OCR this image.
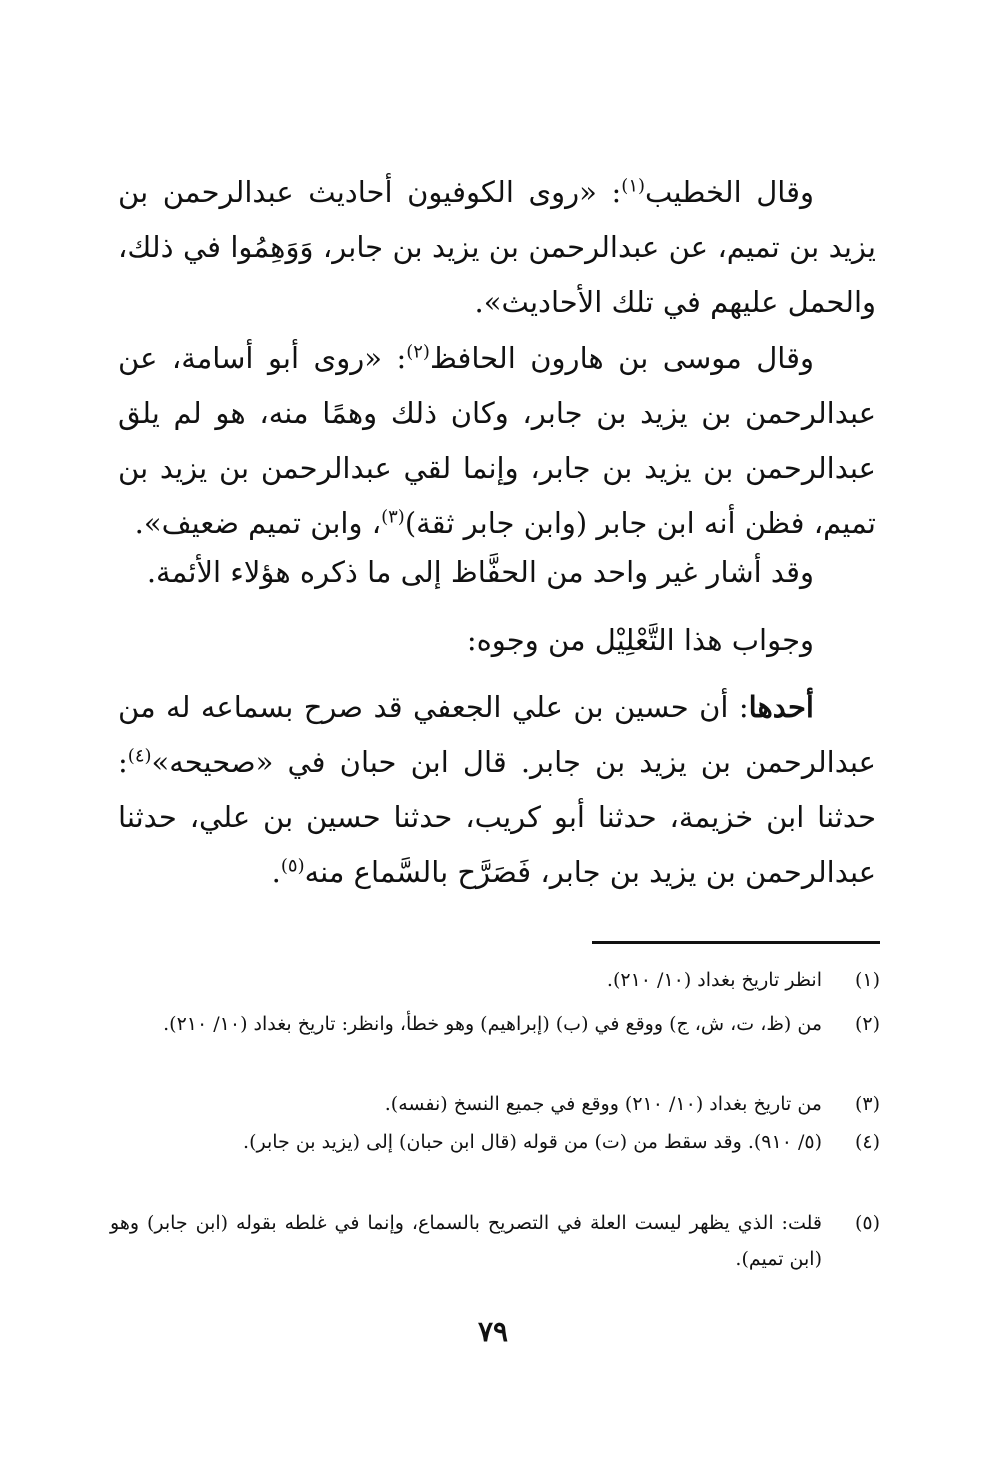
وقال الخطيب$^{(١)}$: «روى الكوفيون أحاديث عبدالرحمن بن يزيد بن تميم، عن عبدالرحمن بن يزيد بن جابر، وَوَهِمُوا في ذلك، والحمل عليهم في تلك الأحاديث».

وقال موسى بن هارون الحافظ$^{(٢)}$: «روى أبو أسامة، عن عبدالرحمن بن يزيد بن جابر، وكان ذلك وهمًا منه، هو لم يلق عبدالرحمن بن يزيد بن جابر، وإنما لقي عبدالرحمن بن يزيد بن تميم، فظن أنه ابن جابر (وابن جابر ثقة)$^{(٣)}$، وابن تميم ضعيف».

وقد أشار غير واحد من الحفَّاظ إلى ما ذكره هؤلاء الأئمة.

وجواب هذا التَّعْلِيْل من وجوه:

أحدها: أن حسين بن علي الجعفي قد صرح بسماعه له من عبدالرحمن بن يزيد بن جابر. قال ابن حبان في «صحيحه»$^{(٤)}$: حدثنا ابن خزيمة، حدثنا أبو كريب، حدثنا حسين بن علي، حدثنا عبدالرحمن بن يزيد بن جابر، فَصَرَّح بالسَّماع منه$^{(٥)}$.

(١)
انظر تاريخ بغداد (١٠/ ٢١٠).
(٢)
من (ظ، ت، ش، ج) ووقع في (ب) (إبراهيم) وهو خطأ، وانظر: تاريخ بغداد (١٠/ ٢١٠).
(٣)
من تاريخ بغداد (١٠/ ٢١٠) ووقع في جميع النسخ (نفسه).
(٤)
(٥/ ٩١٠). وقد سقط من (ت) من قوله (قال ابن حبان) إلى (يزيد بن جابر).
(٥)
قلت: الذي يظهر ليست العلة في التصريح بالسماع، وإنما في غلطه بقوله (ابن جابر) وهو (ابن تميم).
٧٩
